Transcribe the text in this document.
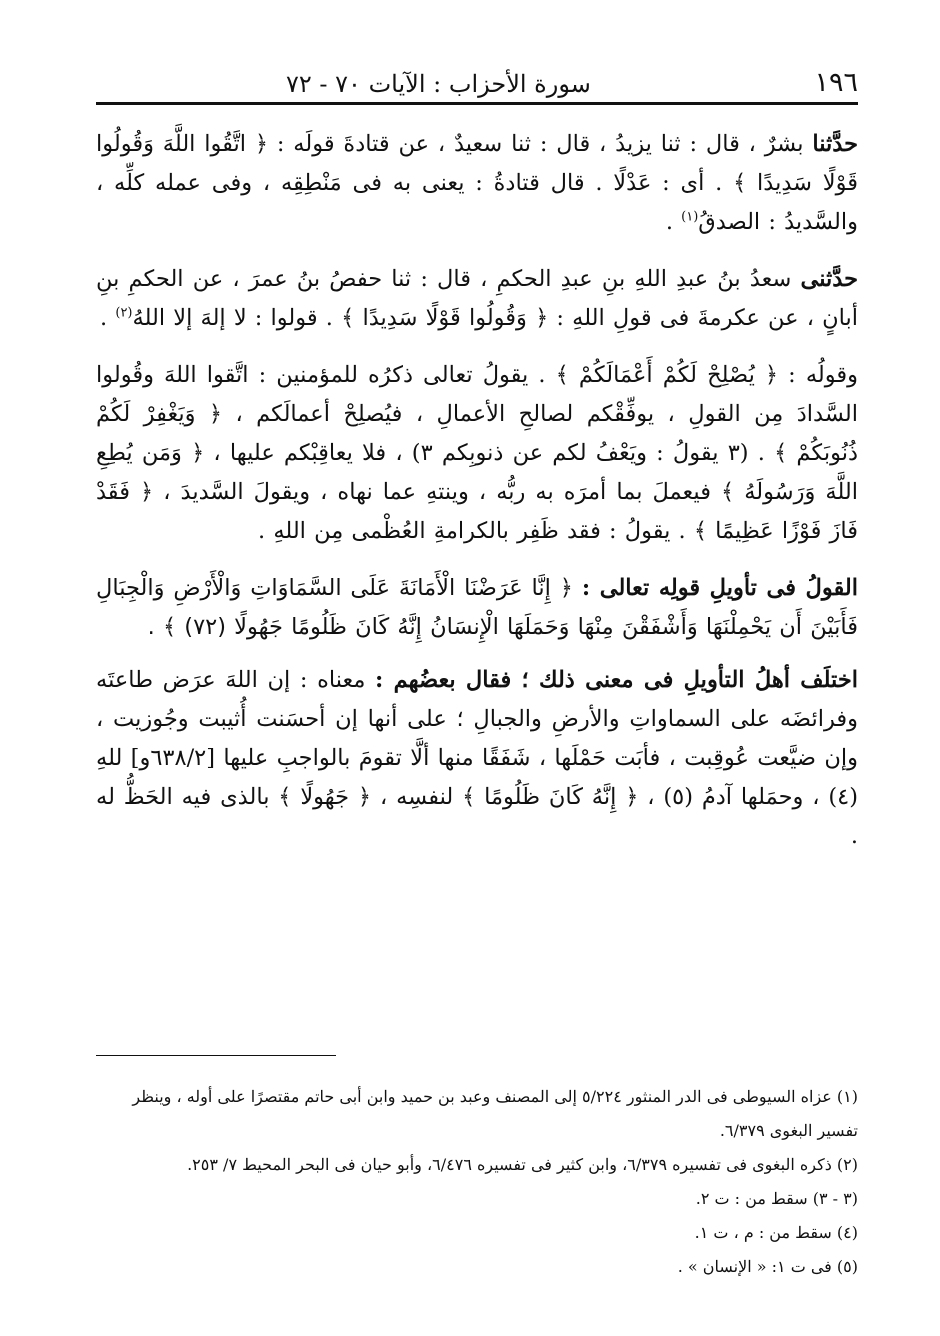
١٩٦
سورة الأحزاب : الآيات ٧٠ - ٧٢

حدَّثنا بشرٌ ، قال : ثنا يزيدُ ، قال : ثنا سعيدٌ ، عن قتادةَ قولَه : ﴿ اتَّقُوا اللَّهَ وَقُولُوا قَوْلًا سَدِيدًا ﴾ . أى : عَدْلًا . قال قتادةُ : يعنى به فى مَنْطِقِه ، وفى عمله كلِّه ، والسَّديدُ : الصدقُ$^{(١)}$ .

حدَّثنى سعدُ بنُ عبدِ اللهِ بنِ عبدِ الحكمِ ، قال : ثنا حفصُ بنُ عمرَ ، عن الحكمِ بنِ أبانٍ ، عن عكرمةَ فى قولِ اللهِ : ﴿ وَقُولُوا قَوْلًا سَدِيدًا ﴾ . قولوا : لا إلهَ إلا اللهُ$^{(٢)}$ .

وقولُه : ﴿ يُصْلِحْ لَكُمْ أَعْمَالَكُمْ ﴾ . يقولُ تعالى ذكرُه للمؤمنين : اتَّقوا اللهَ وقُولوا السَّدادَ مِن القولِ ، يوفِّقْكم لصالحِ الأعمالِ ، فيُصلِحْ أعمالَكم ، ﴿ وَيَغْفِرْ لَكُمْ ذُنُوبَكُمْ ﴾ . (٣ يقولُ : ويَعْفُ لكم عن ذنوبِكم ٣) ، فلا يعاقِبْكم عليها ، ﴿ وَمَن يُطِعِ اللَّهَ وَرَسُولَهُ ﴾ فيعملَ بما أمرَه به ربُّه ، وينتهِ عما نهاه ، ويقولَ السَّديدَ ، ﴿ فَقَدْ فَازَ فَوْزًا عَظِيمًا ﴾ . يقولُ : فقد ظَفِر بالكرامةِ العُظْمى مِن اللهِ .

القولُ فى تأويلِ قولِه تعالى : ﴿ إِنَّا عَرَضْنَا الْأَمَانَةَ عَلَى السَّمَاوَاتِ وَالْأَرْضِ وَالْجِبَالِ فَأَبَيْنَ أَن يَحْمِلْنَهَا وَأَشْفَقْنَ مِنْهَا وَحَمَلَهَا الْإِنسَانُ إِنَّهُ كَانَ ظَلُومًا جَهُولًا (٧٢) ﴾ .

اختلَف أهلُ التأويلِ فى معنى ذلك ؛ فقال بعضُهم : معناه : إن اللهَ عرَض طاعتَه وفرائضَه على السماواتِ والأرضِ والجبالِ ؛ على أنها إن أحسَنت أُثيبت وجُوزيت ، وإن ضيَّعت عُوقِبت ، فأبَت حَمْلَها ، شَفَقًا منها ألَّا تقومَ بالواجبِ عليها [٦٣٨/٢و] للهِ (٤) ، وحمَلها آدمُ (٥) ، ﴿ إِنَّهُ كَانَ ظَلُومًا ﴾ لنفسِه ، ﴿ جَهُولًا ﴾ بالذى فيه الحَظُّ له .

(١) عزاه السيوطى فى الدر المنثور ٥/٢٢٤ إلى المصنف وعبد بن حميد وابن أبى حاتم مقتصرًا على أوله ، وينظر تفسير البغوى ٦/٣٧٩.

(٢) ذكره البغوى فى تفسيره ٦/٣٧٩، وابن كثير فى تفسيره ٦/٤٧٦، وأبو حيان فى البحر المحيط ٧/ ٢٥٣.

(٣ - ٣) سقط من : ت ٢.

(٤) سقط من : م ، ت ١.

(٥) فى ت ١: « الإنسان » .
